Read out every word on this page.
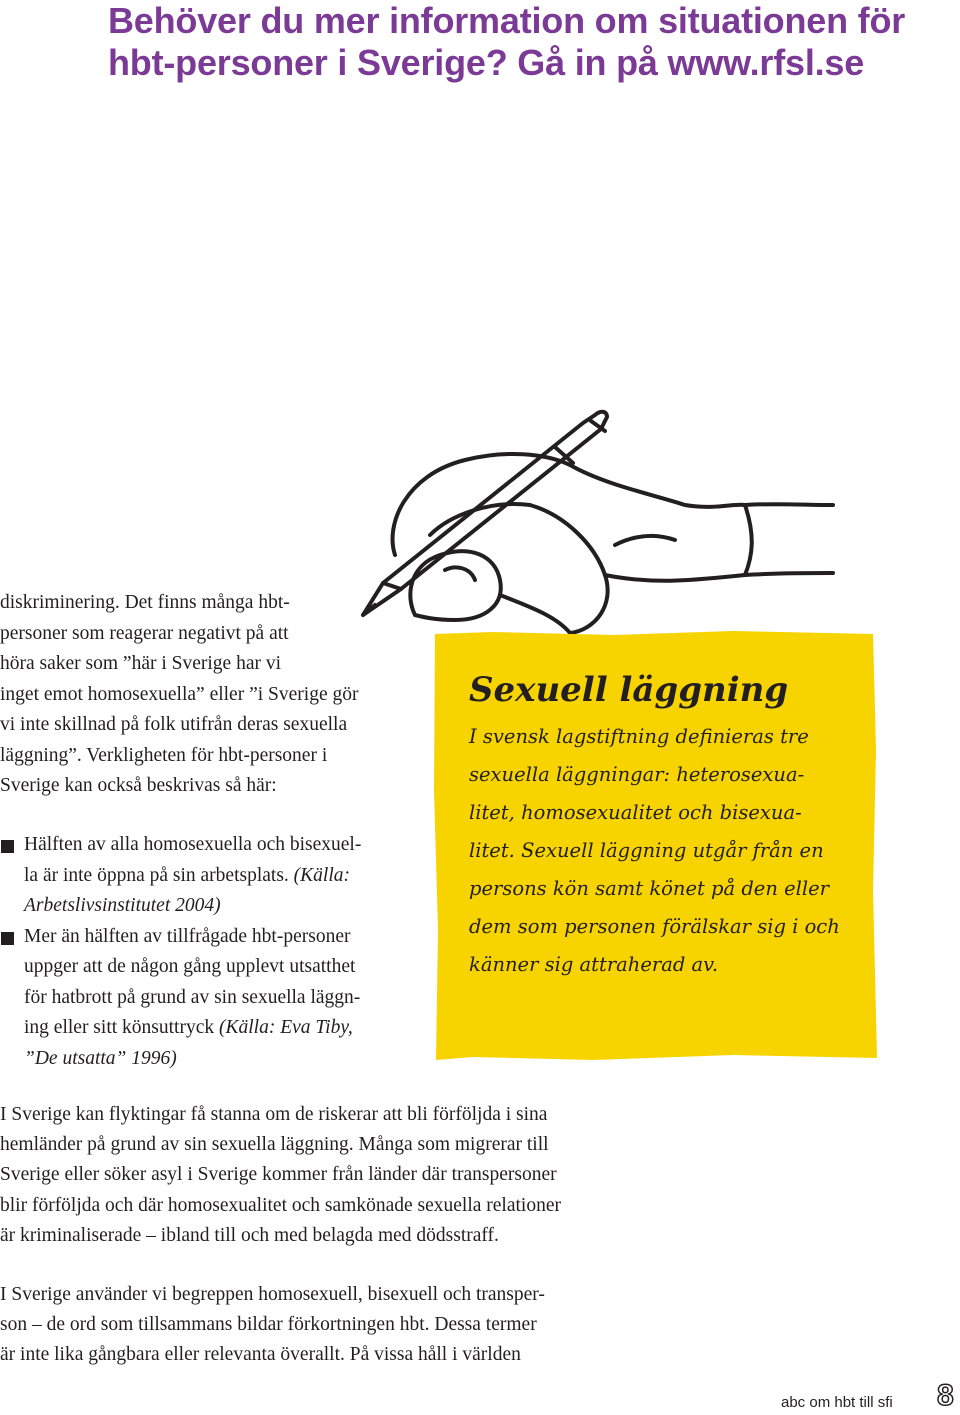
Behöver du mer information om situationen för
hbt-personer i Sverige? Gå in på www.rfsl.se
diskriminering. Det finns många hbt-
personer som reagerar negativt på att
höra saker som ”här i Sverige har vi
inget emot homosexuella” eller ”i Sverige gör
vi inte skillnad på folk utifrån deras sexuella
läggning”. Verkligheten för hbt-personer i
Sverige kan också beskrivas så här:
Hälften av alla homosexuella och bisexuel-
la är inte öppna på sin arbetsplats. (Källa:
Arbetslivsinstitutet 2004)
Mer än hälften av tillfrågade hbt-personer
uppger att de någon gång upplevt utsatthet
för hatbrott på grund av sin sexuella läggn-
ing eller sitt könsuttryck (Källa: Eva Tiby,
”De utsatta” 1996)
Sexuell läggning
I svensk lagstiftning definieras tre
sexuella läggningar: heterosexua-
litet, homosexualitet och bisexua-
litet. Sexuell läggning utgår från en
persons kön samt könet på den eller
dem som personen förälskar sig i och
känner sig attraherad av.
I Sverige kan flyktingar få stanna om de riskerar att bli förföljda i sina
hemländer på grund av sin sexuella läggning. Många som migrerar till
Sverige eller söker asyl i Sverige kommer från länder där transpersoner
blir förföljda och där homosexualitet och samkönade sexuella relationer
är kriminaliserade – ibland till och med belagda med dödsstraff.
I Sverige använder vi begreppen homosexuell, bisexuell och transper-
son – de ord som tillsammans bildar förkortningen hbt. Dessa termer
är inte lika gångbara eller relevanta överallt. På vissa håll i världen
abc om hbt till sfi 8
